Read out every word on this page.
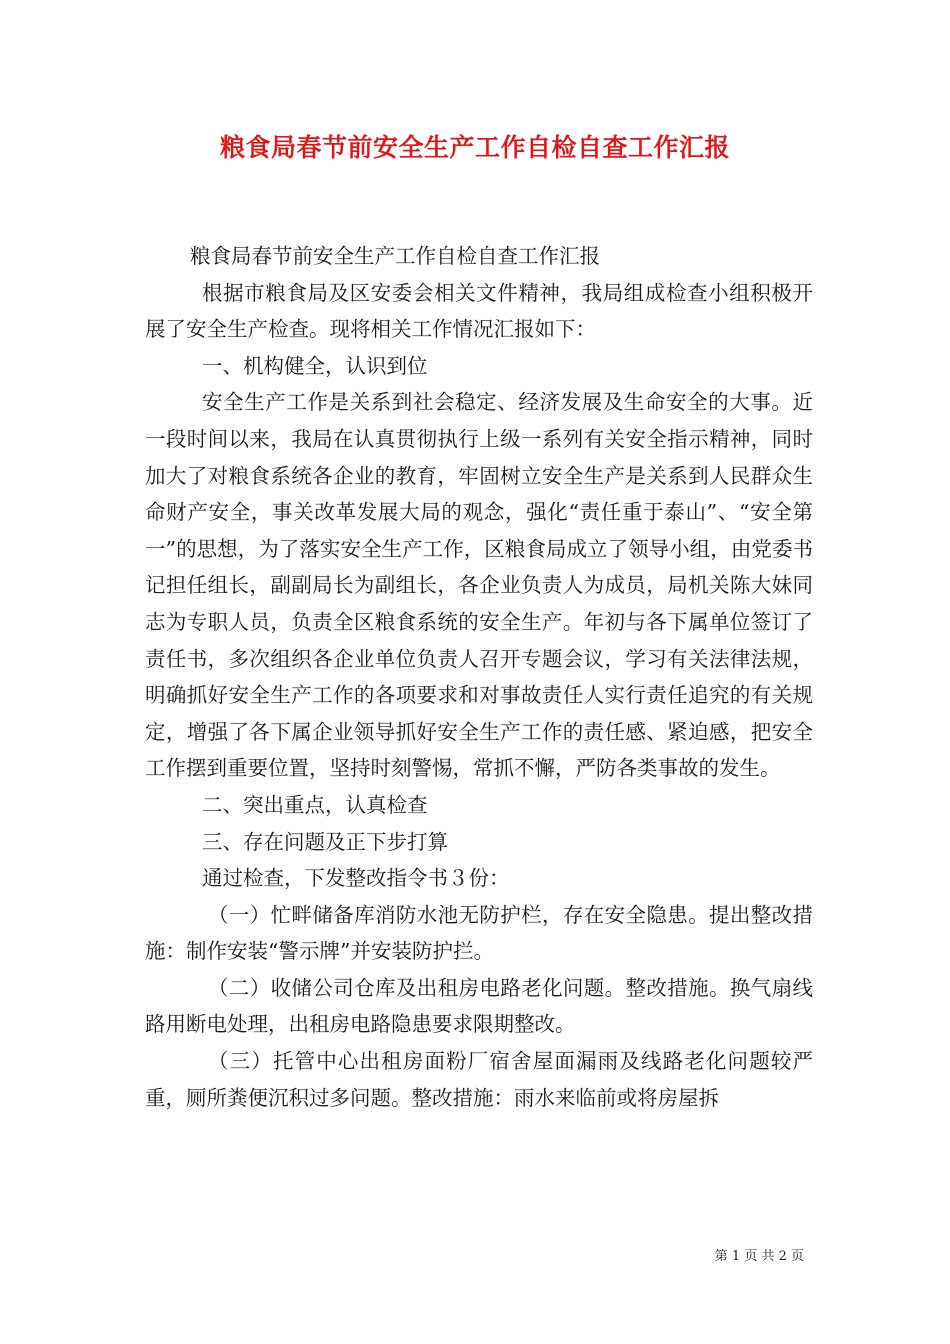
粮食局春节前安全生产工作自检自查工作汇报

粮食局春节前安全生产工作自检自查工作汇报

根据市粮食局及区安委会相关文件精神，我局组成检查小组积极开展了安全生产检查。现将相关工作情况汇报如下：

一、机构健全，认识到位

安全生产工作是关系到社会稳定、经济发展及生命安全的大事。近一段时间以来，我局在认真贯彻执行上级一系列有关安全指示精神，同时加大了对粮食系统各企业的教育，牢固树立安全生产是关系到人民群众生命财产安全，事关改革发展大局的观念，强化“责任重于泰山”、“安全第一”的思想，为了落实安全生产工作，区粮食局成立了领导小组，由党委书记担任组长，副副局长为副组长，各企业负责人为成员，局机关陈大妹同志为专职人员，负责全区粮食系统的安全生产。年初与各下属单位签订了责任书，多次组织各企业单位负责人召开专题会议，学习有关法律法规，明确抓好安全生产工作的各项要求和对事故责任人实行责任追究的有关规定，增强了各下属企业领导抓好安全生产工作的责任感、紧迫感，把安全工作摆到重要位置，坚持时刻警惕，常抓不懈，严防各类事故的发生。

二、突出重点，认真检查

三、存在问题及正下步打算

通过检查，下发整改指令书３份：

（一）忙畔储备库消防水池无防护栏，存在安全隐患。提出整改措施：制作安装“警示牌”并安装防护拦。

（二）收储公司仓库及出租房电路老化问题。整改措施。换气扇线路用断电处理，出租房电路隐患要求限期整改。

（三）托管中心出租房面粉厂宿舍屋面漏雨及线路老化问题较严重，厕所粪便沉积过多问题。整改措施：雨水来临前或将房屋拆

第 1 页 共 2 页
